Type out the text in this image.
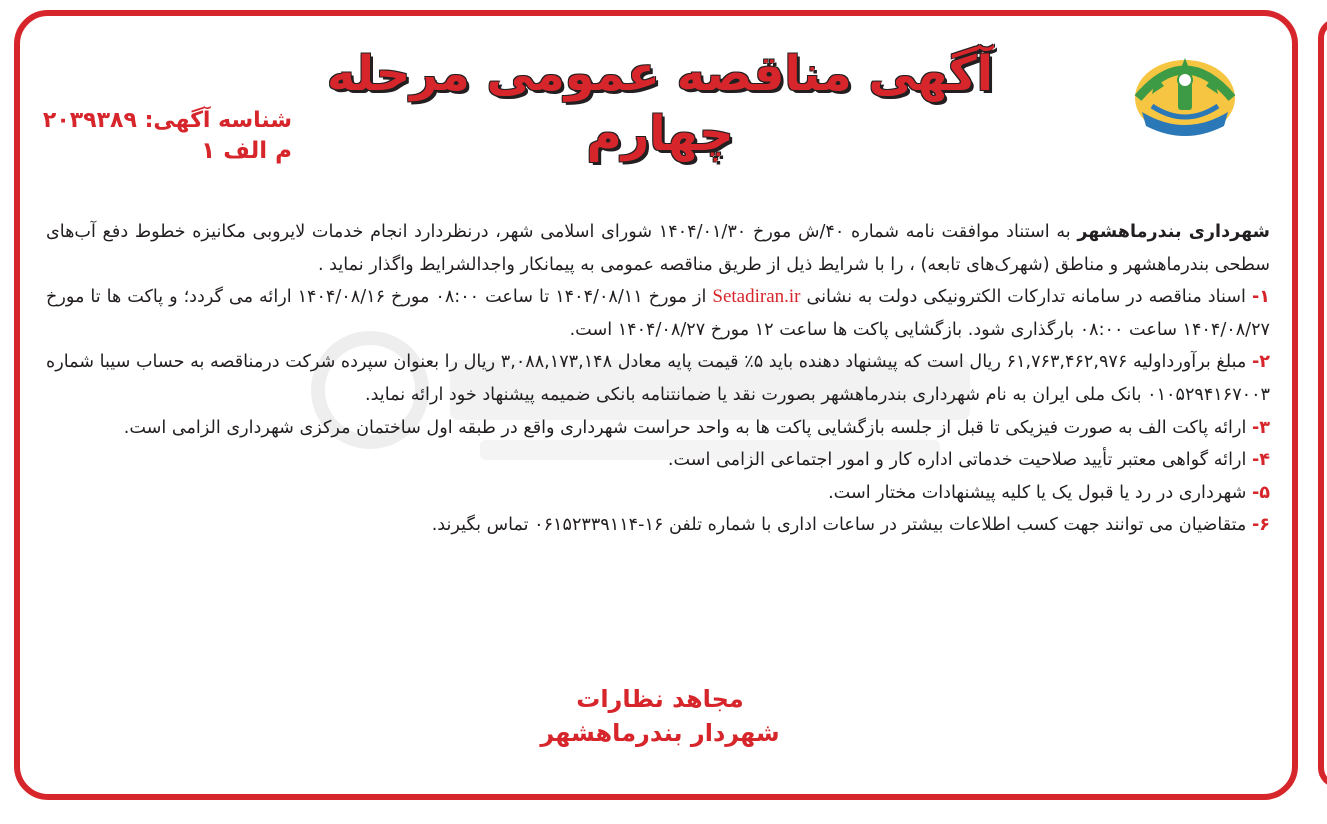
آگهی مناقصه عمومی مرحله چهارم
شناسه آگهی: ۲۰۳۹۳۸۹
م الف ۱

شهرداری بندرماهشهر به استناد موافقت نامه شماره ۴۰/ش مورخ ۱۴۰۴/۰۱/۳۰ شورای اسلامی شهر، درنظردارد انجام خدمات لایروبی مکانیزه خطوط دفع آب‌های سطحی بندرماهشهر و مناطق (شهرک‌های تابعه) ، را با شرایط ذیل از طریق مناقصه عمومی به پیمانکار واجدالشرایط واگذار نماید .

۱- اسناد مناقصه در سامانه تدارکات الکترونیکی دولت به نشانی Setadiran.ir از مورخ ۱۴۰۴/۰۸/۱۱ تا ساعت ۰۸:۰۰ مورخ ۱۴۰۴/۰۸/۱۶ ارائه می گردد؛ و پاکت ها تا مورخ ۱۴۰۴/۰۸/۲۷ ساعت ۰۸:۰۰ بارگذاری شود. بازگشایی پاکت ها ساعت ۱۲ مورخ ۱۴۰۴/۰۸/۲۷ است.

۲- مبلغ برآورداولیه ۶۱,۷۶۳,۴۶۲,۹۷۶ ریال است که پیشنهاد دهنده باید ۵٪ قیمت پایه معادل ۳,۰۸۸,۱۷۳,۱۴۸ ریال را بعنوان سپرده شرکت درمناقصه به حساب سیبا شماره ۰۱۰۵۲۹۴۱۶۷۰۰۳ بانک ملی ایران به نام شهرداری بندرماهشهر بصورت نقد یا ضمانتنامه بانکی ضمیمه پیشنهاد خود ارائه نماید.

۳- ارائه پاکت الف به صورت فیزیکی تا قبل از جلسه بازگشایی پاکت ها به واحد حراست شهرداری واقع در طبقه اول ساختمان مرکزی شهرداری الزامی است.

۴- ارائه گواهی معتبر تأیید صلاحیت خدماتی اداره کار و امور اجتماعی الزامی است.

۵- شهرداری در رد یا قبول یک یا کلیه پیشنهادات مختار است.

۶- متقاضیان می توانند جهت کسب اطلاعات بیشتر در ساعات اداری با شماره تلفن ۱۶-۰۶۱۵۲۳۳۹۱۱۴ تماس بگیرند.

مجاهد نظارات
شهردار بندرماهشهر
